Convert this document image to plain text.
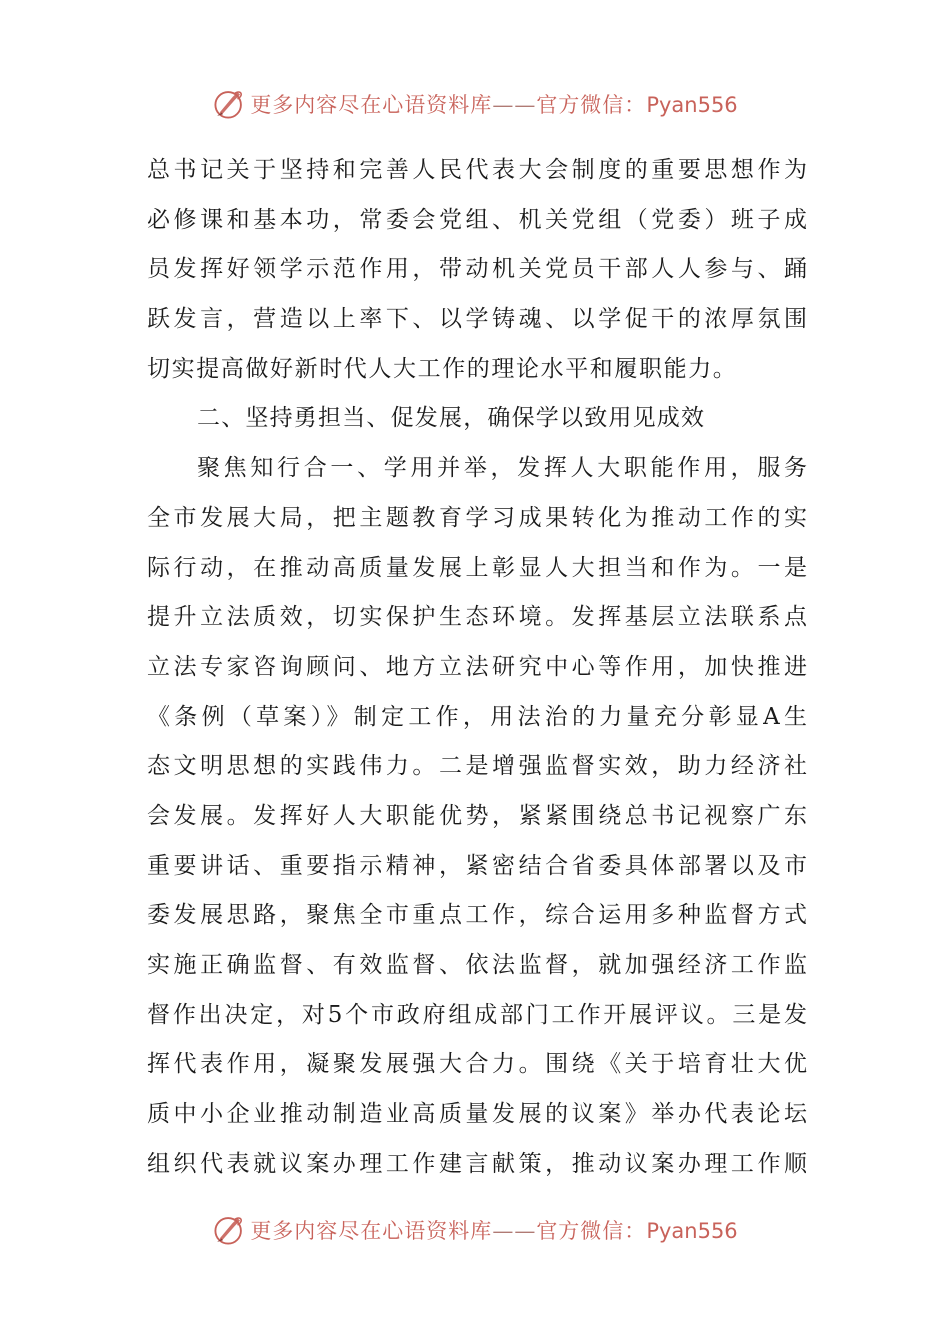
更多内容尽在心语资料库——官方微信：Pyan556
总书记关于坚持和完善人民代表大会制度的重要思想作为
必修课和基本功，常委会党组、机关党组（党委）班子成
员发挥好领学示范作用，带动机关党员干部人人参与、踊
跃发言，营造以上率下、以学铸魂、以学促干的浓厚氛围
切实提高做好新时代人大工作的理论水平和履职能力。
二、坚持勇担当、促发展，确保学以致用见成效
聚焦知行合一、学用并举，发挥人大职能作用，服务
全市发展大局，把主题教育学习成果转化为推动工作的实
际行动，在推动高质量发展上彰显人大担当和作为。一是
提升立法质效，切实保护生态环境。发挥基层立法联系点
立法专家咨询顾问、地方立法研究中心等作用，加快推进
《条例（草案）》制定工作，用法治的力量充分彰显A生
态文明思想的实践伟力。二是增强监督实效，助力经济社
会发展。发挥好人大职能优势，紧紧围绕总书记视察广东
重要讲话、重要指示精神，紧密结合省委具体部署以及市
委发展思路，聚焦全市重点工作，综合运用多种监督方式
实施正确监督、有效监督、依法监督，就加强经济工作监
督作出决定，对5个市政府组成部门工作开展评议。三是发
挥代表作用，凝聚发展强大合力。围绕《关于培育壮大优
质中小企业推动制造业高质量发展的议案》举办代表论坛
组织代表就议案办理工作建言献策，推动议案办理工作顺
更多内容尽在心语资料库——官方微信：Pyan556
